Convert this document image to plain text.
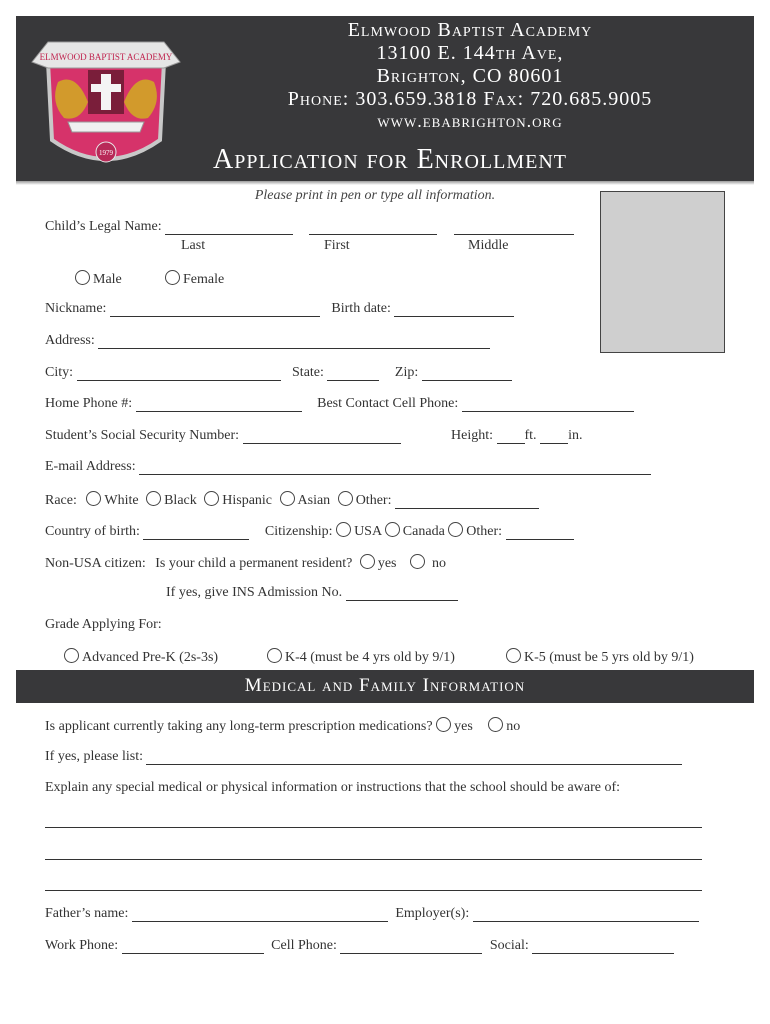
ELMWOOD BAPTIST ACADEMY
1979
Elmwood Baptist Academy
13100 E. 144th Ave,
Brighton, CO 80601
Phone: 303.659.3818 Fax: 720.685.9005
www.ebabrighton.org
Application for Enrollment
Please print in pen or type all information.
Child’s Legal Name:
Last	First	Middle
Male	Female
Nickname:	Birth date:
Address:
City:	State:	Zip:
Home Phone #:	Best Contact Cell Phone:
Student’s Social Security Number:	Height: ft. in.
E-mail Address:
Race: White Black Hispanic Asian Other:
Country of birth:	Citizenship: USA Canada Other:
Non-USA citizen: Is your child a permanent resident? yes	no
If yes, give INS Admission No.
Grade Applying For:
Advanced Pre-K (2s-3s)	K-4 (must be 4 yrs old by 9/1)	K-5 (must be 5 yrs old by 9/1)
Medical and Family Information
Is applicant currently taking any long-term prescription medications? yes no
If yes, please list:
Explain any special medical or physical information or instructions that the school should be aware of:
Father’s name:	Employer(s):
Work Phone:	Cell Phone:	Social:
